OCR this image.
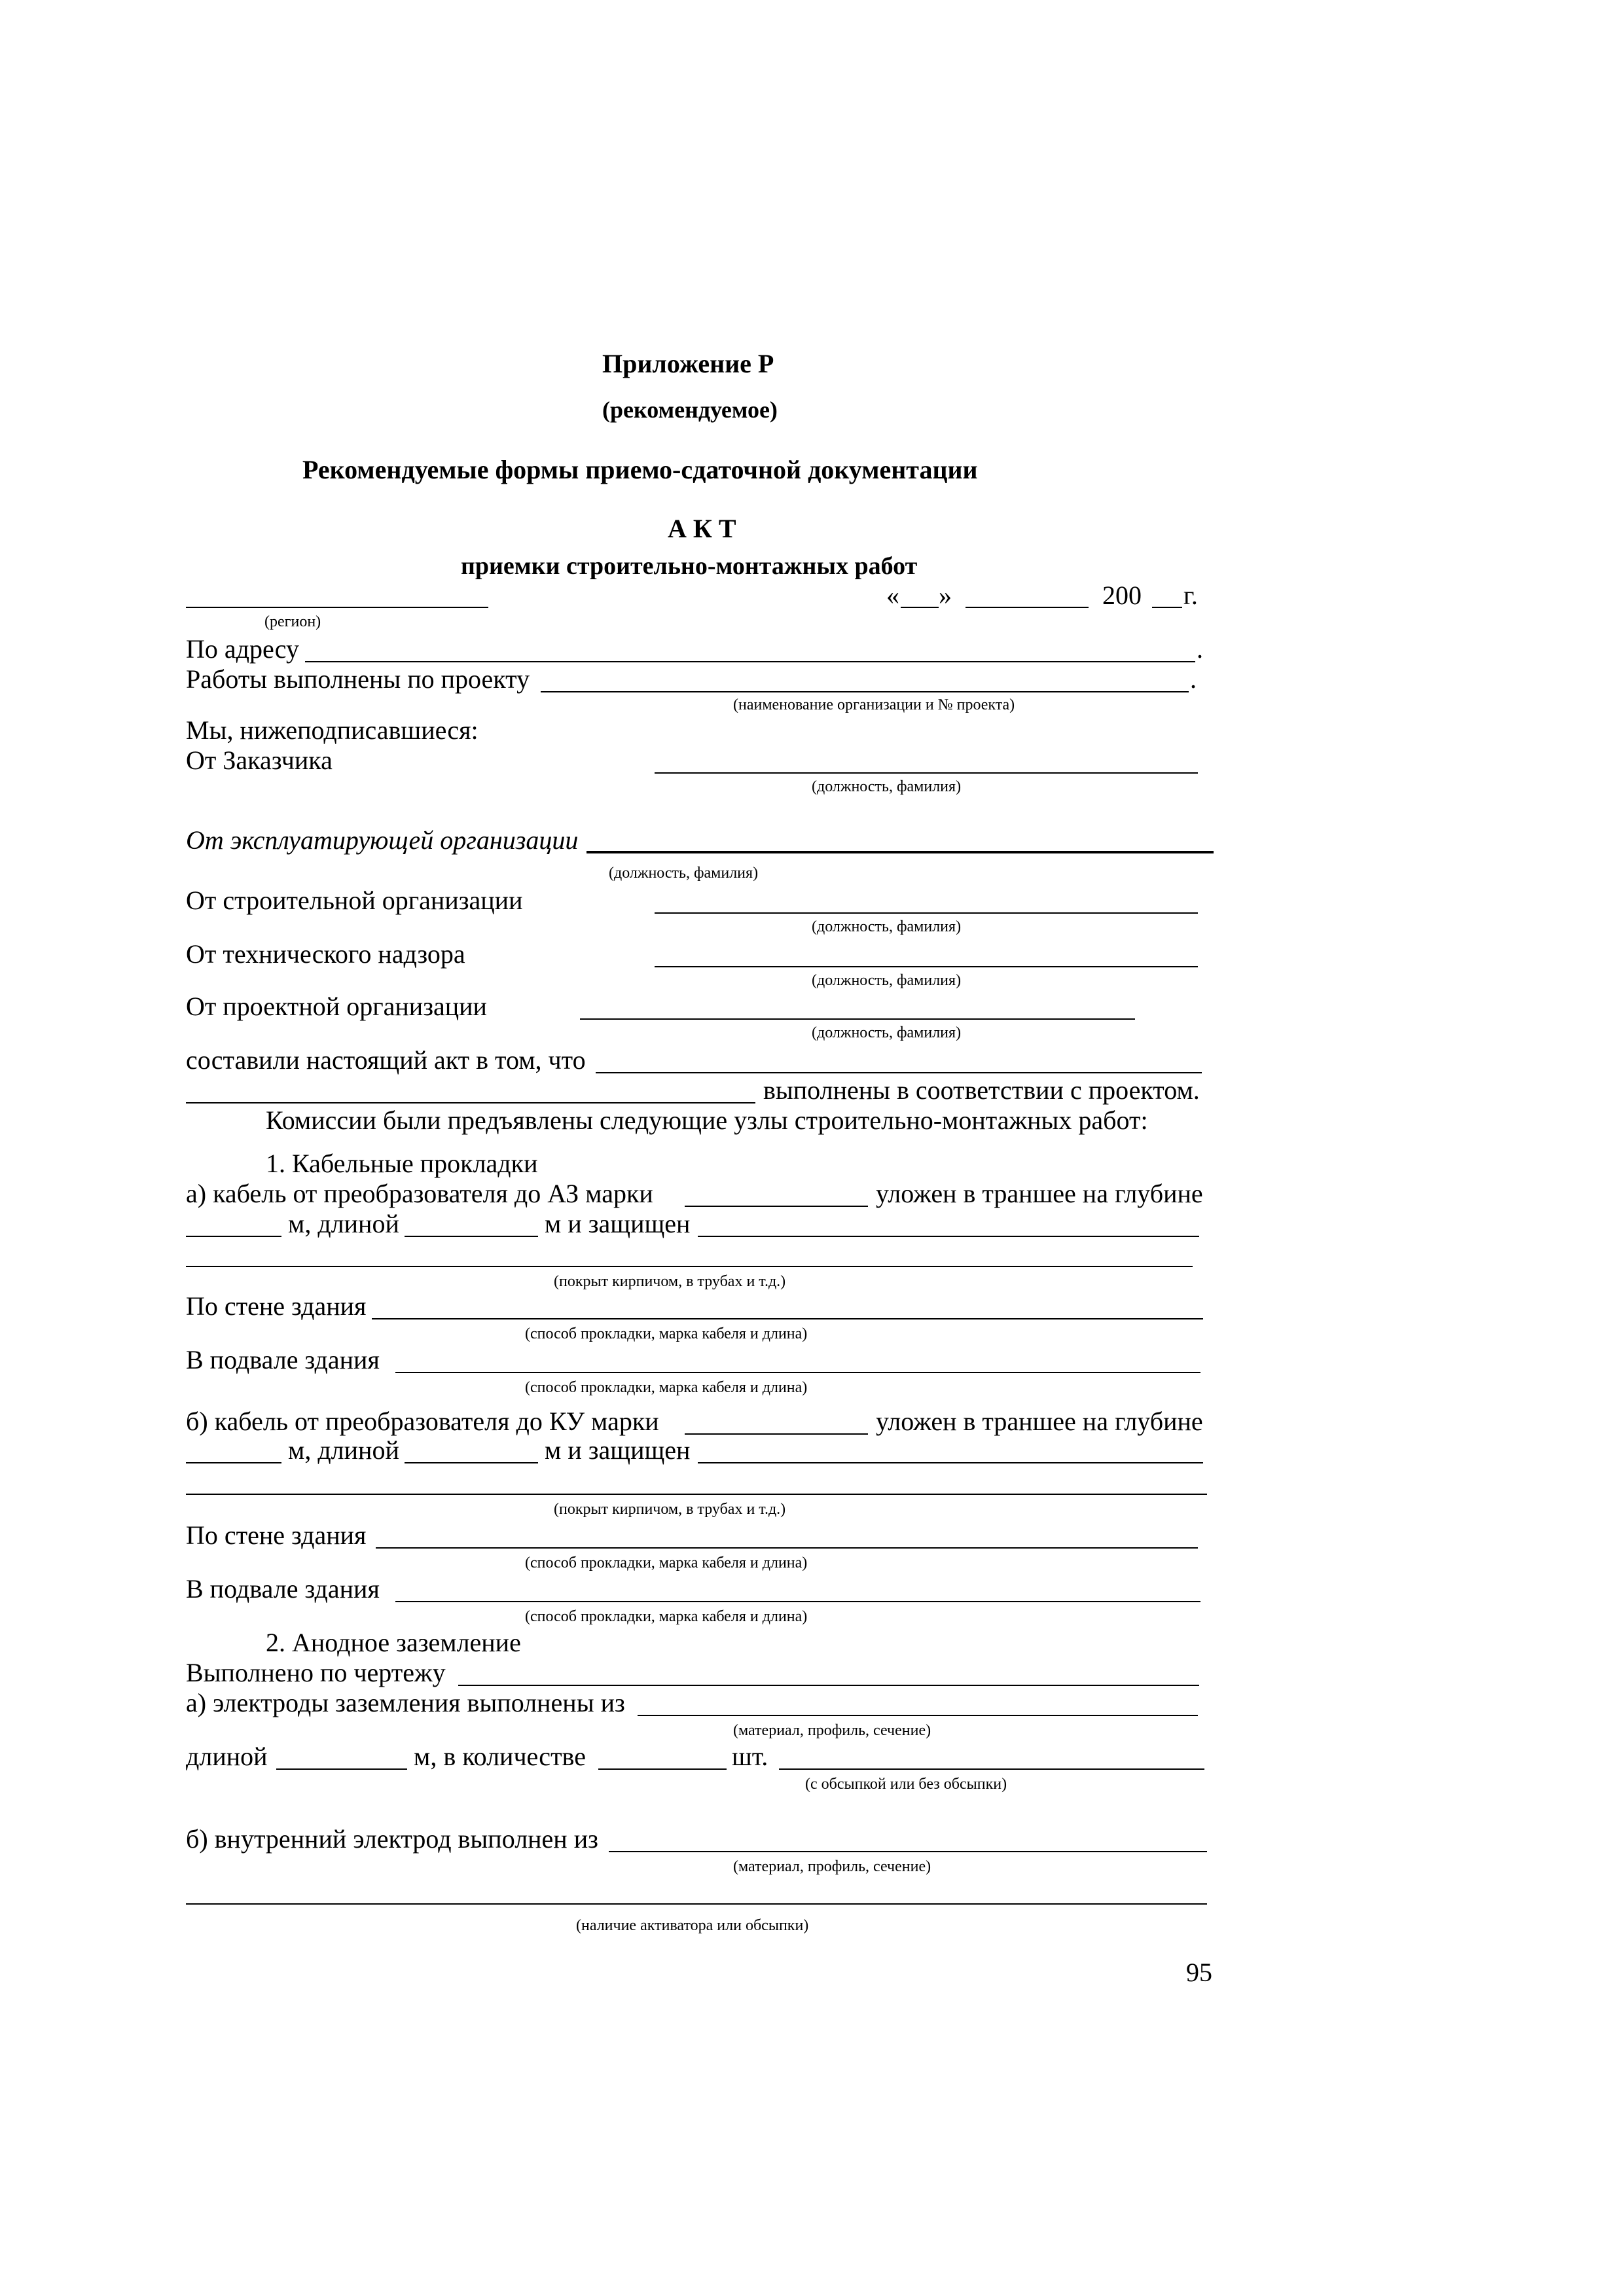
Приложение Р
(рекомендуемое)
Рекомендуемые формы приемо-сдаточной документации
А К Т
приемки строительно-монтажных работ
(регион)
« »	200 г.
По адресу	.
Работы выполнены по проекту	.
(наименование организации и № проекта)
Мы, нижеподписавшиеся:
От Заказчика
(должность, фамилия)
От эксплуатирующей организации
(должность, фамилия)
От строительной организации
(должность, фамилия)
От технического надзора
(должность, фамилия)
От проектной организации
(должность, фамилия)
составили настоящий акт в том, что
выполнены в соответствии с проектом.
Комиссии были предъявлены следующие узлы строительно-монтажных работ:
1. Кабельные прокладки
а) кабель от преобразователя до АЗ марки	уложен в траншее на глубине
м, длиной	м и защищен
(покрыт кирпичом, в трубах и т.д.)
По стене здания
(способ прокладки, марка кабеля и длина)
В подвале здания
(способ прокладки, марка кабеля и длина)
б) кабель от преобразователя до КУ марки	уложен в траншее на глубине
м, длиной	м и защищен
(покрыт кирпичом, в трубах и т.д.)
По стене здания
(способ прокладки, марка кабеля и длина)
В подвале здания
(способ прокладки, марка кабеля и длина)
2. Анодное заземление
Выполнено по чертежу
а) электроды заземления выполнены из
(материал, профиль, сечение)
длиной	м, в количестве	шт.
(с обсыпкой или без обсыпки)
б) внутренний электрод выполнен из
(материал, профиль, сечение)
(наличие активатора или обсыпки)
95
